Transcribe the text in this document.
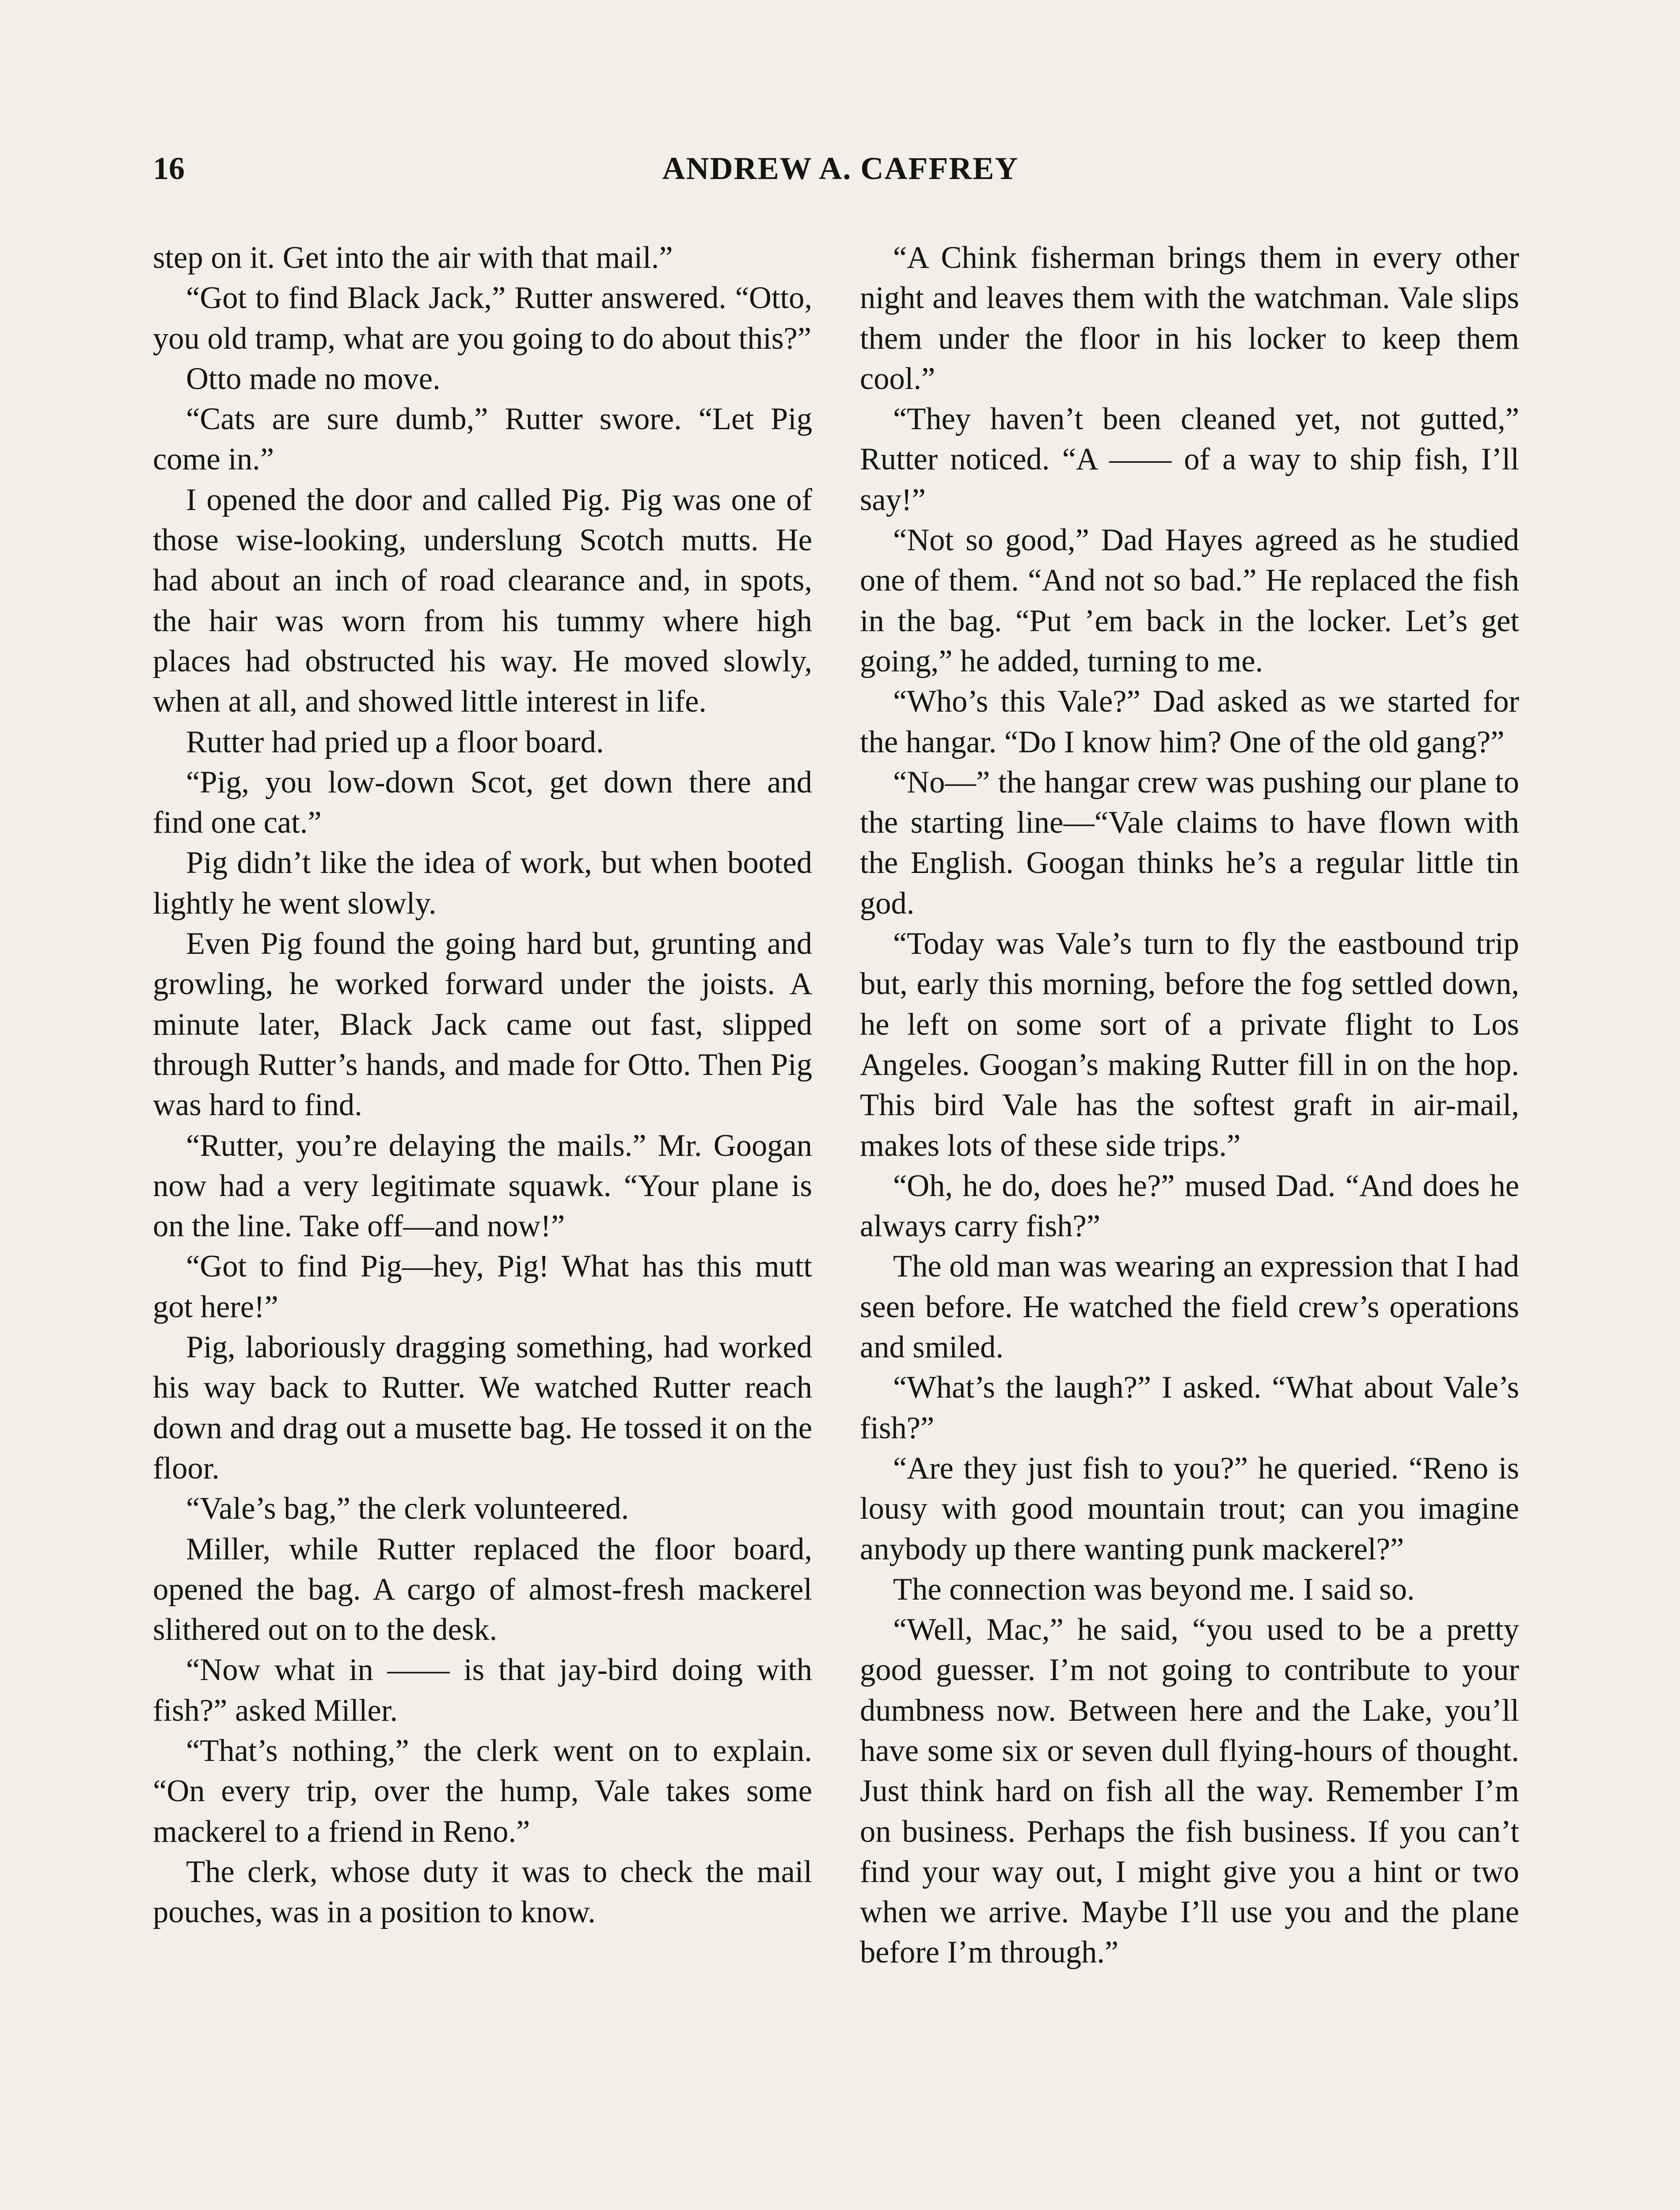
16	ANDREW A. CAFFREY

step on it. Get into the air with that mail.”

“Got to find Black Jack,” Rutter answered. “Otto, you old tramp, what are you going to do about this?”

Otto made no move.

“Cats are sure dumb,” Rutter swore. “Let Pig come in.”

I opened the door and called Pig. Pig was one of those wise-looking, underslung Scotch mutts. He had about an inch of road clearance and, in spots, the hair was worn from his tummy where high places had obstructed his way. He moved slowly, when at all, and showed little interest in life.

Rutter had pried up a floor board.

“Pig, you low-down Scot, get down there and find one cat.”

Pig didn’t like the idea of work, but when booted lightly he went slowly.

Even Pig found the going hard but, grunting and growling, he worked forward under the joists. A minute later, Black Jack came out fast, slipped through Rutter’s hands, and made for Otto. Then Pig was hard to find.

“Rutter, you’re delaying the mails.” Mr. Googan now had a very legitimate squawk. “Your plane is on the line. Take off—and now!”

“Got to find Pig—hey, Pig! What has this mutt got here!”

Pig, laboriously dragging something, had worked his way back to Rutter. We watched Rutter reach down and drag out a musette bag. He tossed it on the floor.

“Vale’s bag,” the clerk volunteered.

Miller, while Rutter replaced the floor board, opened the bag. A cargo of almost-fresh mackerel slithered out on to the desk.

“Now what in —— is that jay-bird doing with fish?” asked Miller.

“That’s nothing,” the clerk went on to explain. “On every trip, over the hump, Vale takes some mackerel to a friend in Reno.”

The clerk, whose duty it was to check the mail pouches, was in a position to know.

“A Chink fisherman brings them in every other night and leaves them with the watchman. Vale slips them under the floor in his locker to keep them cool.”

“They haven’t been cleaned yet, not gutted,” Rutter noticed. “A —— of a way to ship fish, I’ll say!”

“Not so good,” Dad Hayes agreed as he studied one of them. “And not so bad.” He replaced the fish in the bag. “Put ’em back in the locker. Let’s get going,” he added, turning to me.

“Who’s this Vale?” Dad asked as we started for the hangar. “Do I know him? One of the old gang?”

“No—” the hangar crew was pushing our plane to the starting line—“Vale claims to have flown with the English. Googan thinks he’s a regular little tin god.

“Today was Vale’s turn to fly the eastbound trip but, early this morning, before the fog settled down, he left on some sort of a private flight to Los Angeles. Googan’s making Rutter fill in on the hop. This bird Vale has the softest graft in air-mail, makes lots of these side trips.”

“Oh, he do, does he?” mused Dad. “And does he always carry fish?”

The old man was wearing an expression that I had seen before. He watched the field crew’s operations and smiled.

“What’s the laugh?” I asked. “What about Vale’s fish?”

“Are they just fish to you?” he queried. “Reno is lousy with good mountain trout; can you imagine anybody up there wanting punk mackerel?”

The connection was beyond me. I said so.

“Well, Mac,” he said, “you used to be a pretty good guesser. I’m not going to contribute to your dumbness now. Between here and the Lake, you’ll have some six or seven dull flying-hours of thought. Just think hard on fish all the way. Remember I’m on business. Perhaps the fish business. If you can’t find your way out, I might give you a hint or two when we arrive. Maybe I’ll use you and the plane before I’m through.”
